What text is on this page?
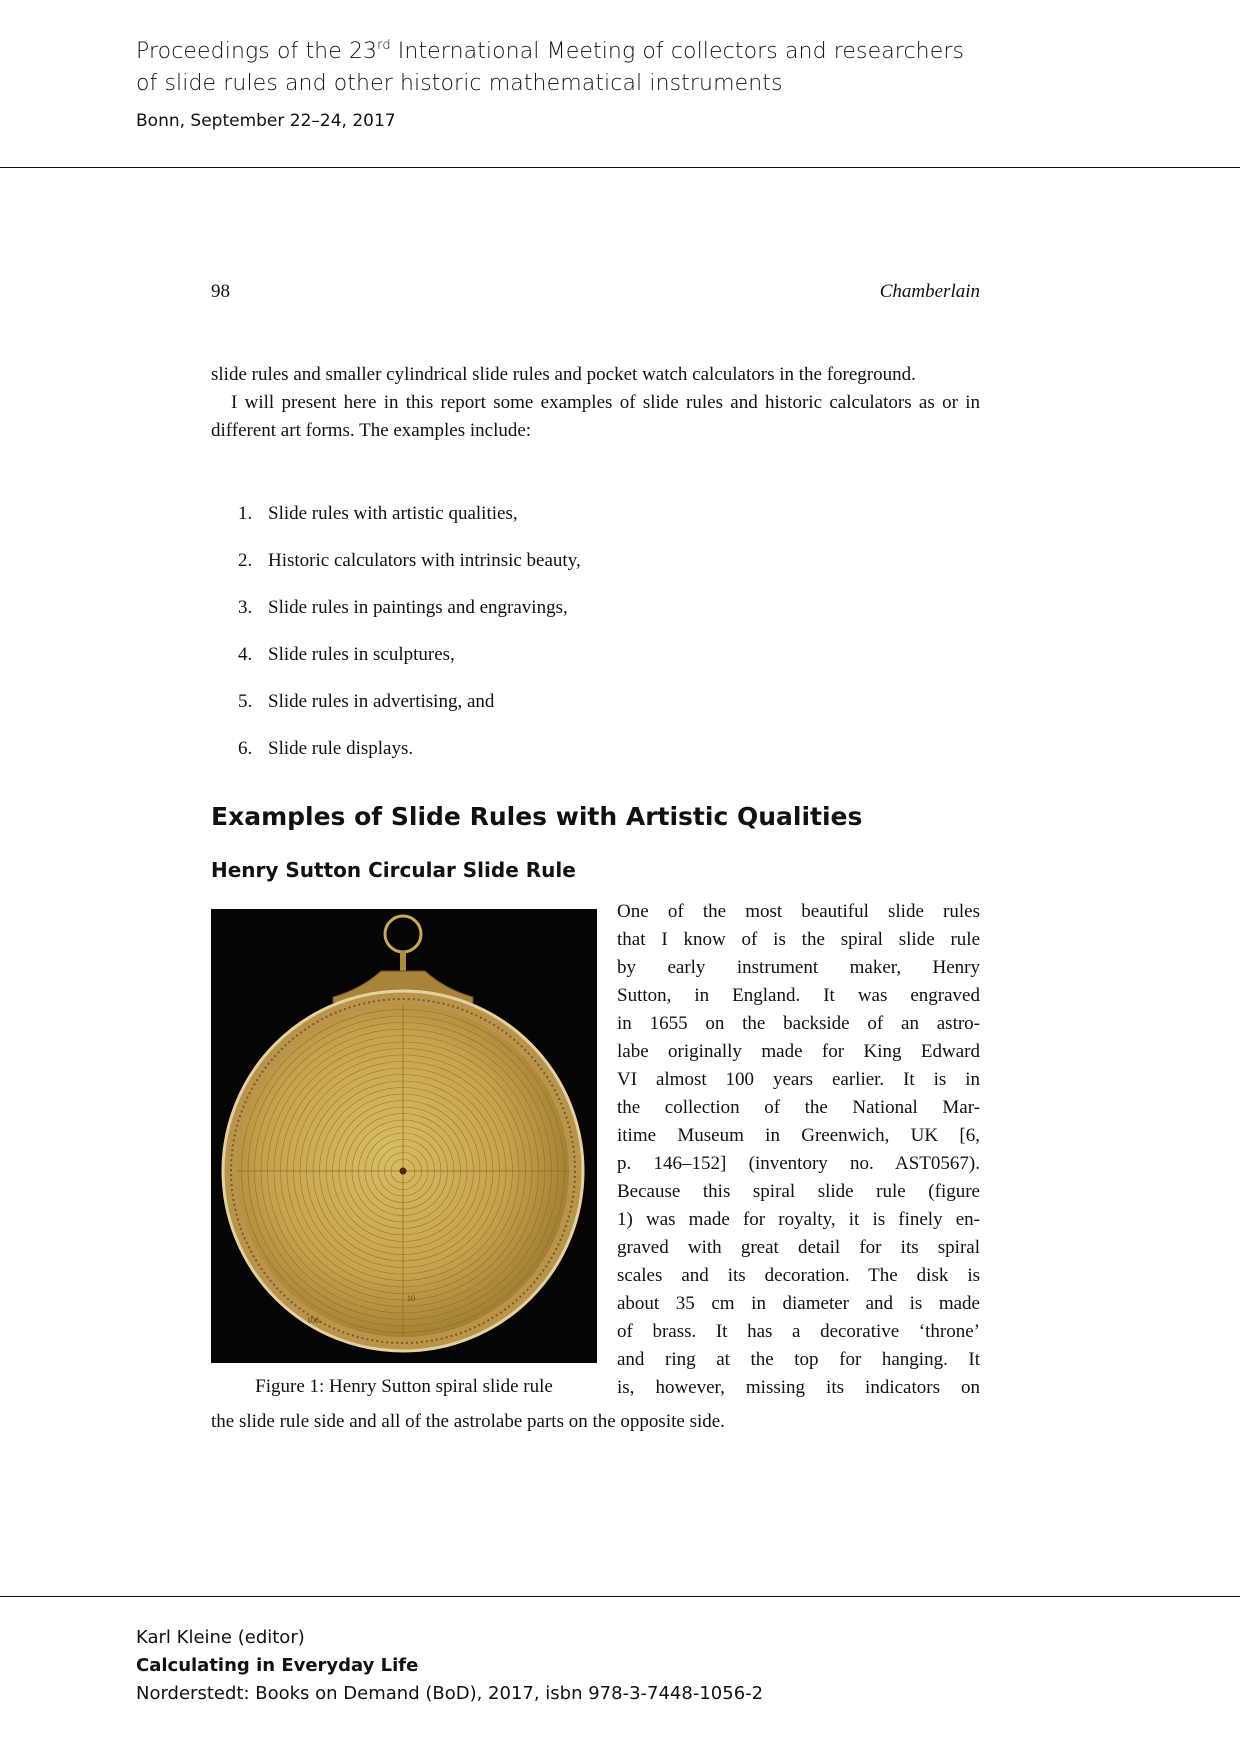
Proceedings of the 23rd International Meeting of collectors and researchers
of slide rules and other historic mathematical instruments
Bonn, September 22–24, 2017
98	Chamberlain

slide rules and smaller cylindrical slide rules and pocket watch calculators in the foreground.

I will present here in this report some examples of slide rules and historic calculators as or in different art forms. The examples include:

1. Slide rules with artistic qualities,
2. Historic calculators with intrinsic beauty,
3. Slide rules in paintings and engravings,
4. Slide rules in sculptures,
5. Slide rules in advertising, and
6. Slide rule displays.
Examples of Slide Rules with Artistic Qualities
Henry Sutton Circular Slide Rule
10
100
Figure 1: Henry Sutton spiral slide rule
One of the most beautiful slide rules
that I know of is the spiral slide rule
by early instrument maker, Henry
Sutton, in England. It was engraved
in 1655 on the backside of an astro-
labe originally made for King Edward
VI almost 100 years earlier. It is in
the collection of the National Mar-
itime Museum in Greenwich, UK [6,
p. 146–152] (inventory no. AST0567).
Because this spiral slide rule (figure
1) was made for royalty, it is finely en-
graved with great detail for its spiral
scales and its decoration. The disk is
about 35 cm in diameter and is made
of brass. It has a decorative ‘throne’
and ring at the top for hanging. It
is, however, missing its indicators on
the slide rule side and all of the astrolabe parts on the opposite side.
Karl Kleine (editor)
Calculating in Everyday Life
Norderstedt: Books on Demand (BoD), 2017, isbn 978-3-7448-1056-2
